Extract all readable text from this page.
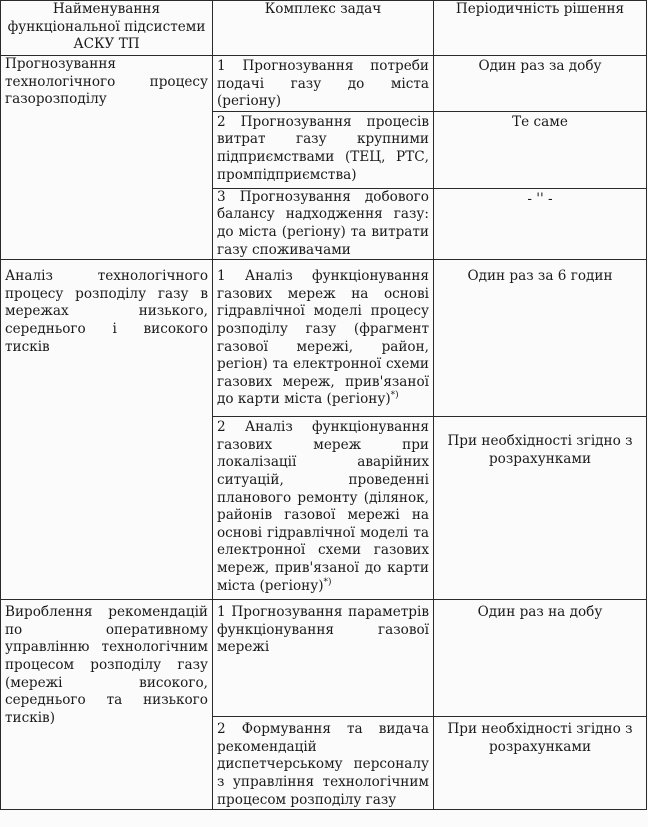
Найменування функціональної підсистеми АСКУ ТП	Комплекс задач	Періодичність рішення
Прогнозування технологічного процесу газорозподілу	1 Прогнозування потреби подачі газу до міста (регіону)	Один раз за добу
	2 Прогнозування процесів витрат газу крупними підприємствами (ТЕЦ, РТС, промпідприємства)	Те саме
	3 Прогнозування добового балансу надходження газу: до міста (регіону) та витрати газу споживачами	- '' -
Аналіз технологічного процесу розподілу газу в мережах низького, середнього і високого тисків	1 Аналіз функціонування газових мереж на основі гідравлічної моделі процесу розподілу газу (фрагмент газової мережі, район, регіон) та електронної схеми газових мереж, прив'язаної до карти міста (регіону)*)	Один раз за 6 годин
	2 Аналіз функціонування газових мереж при локалізації аварійних ситуацій, проведенні планового ремонту (ділянок, районів газової мережі на основі гідравлічної моделі та електронної схеми газових мереж, прив'язаної до карти міста (регіону)*)	При необхідності згідно з розрахунками
Вироблення рекомендацій по оперативному управлінню технологічним процесом розподілу газу (мережі високого, середнього та низького тисків)	1 Прогнозування параметрів функціонування газової мережі	Один раз на добу
	2 Формування та видача рекомендацій диспетчерському персоналу з управління технологічним процесом розподілу газу	При необхідності згідно з розрахунками
